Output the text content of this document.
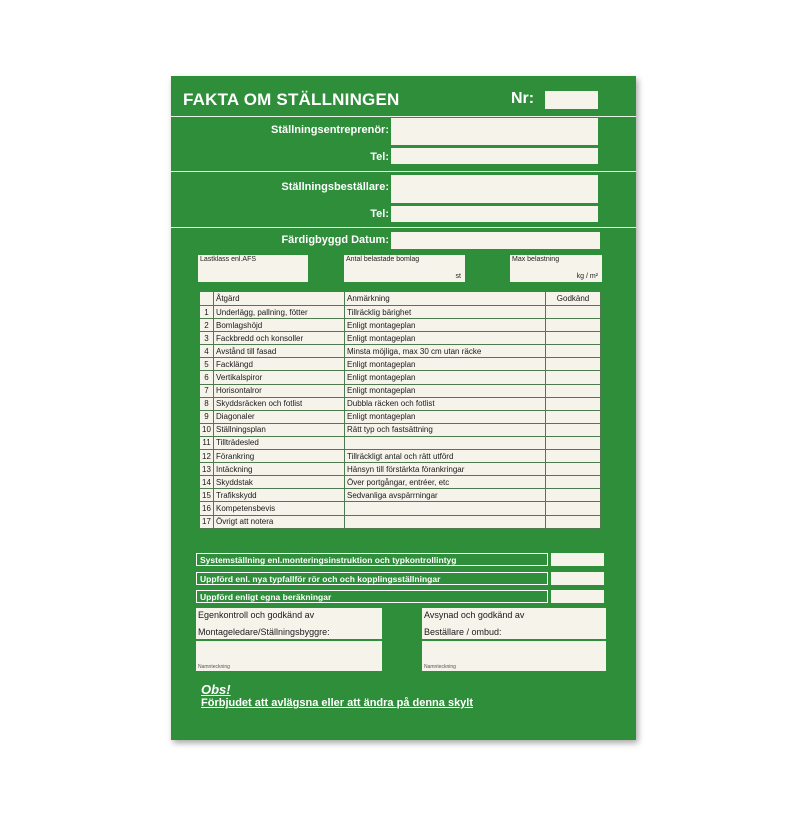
FAKTA OM STÄLLNINGEN	Nr:
Ställningsentreprenör:
Tel:
Ställningsbeställare:
Tel:
Färdigbyggd Datum:
Lastklass enl.AFS	Antal belastade bomlag
st
Max belastning
kg / m²
	Åtgärd	Anmärkning	Godkänd
1	Underlägg, pallning, fötter	Tillräcklig bärighet	
2	Bomlagshöjd	Enligt montageplan	
3	Fackbredd och konsoller	Enligt montageplan	
4	Avstånd till fasad	Minsta möjliga, max 30 cm utan räcke	
5	Facklängd	Enligt montageplan	
6	Vertikalspiror	Enligt montageplan	
7	Horisontalror	Enligt montageplan	
8	Skyddsräcken och fotlist	Dubbla räcken och fotlist	
9	Diagonaler	Enligt montageplan	
10	Ställningsplan	Rätt typ och fastsättning	
11	Tillträdesled		
12	Förankring	Tillräckligt antal och rätt utförd	
13	Intäckning	Hänsyn till förstärkta förankringar	
14	Skyddstak	Över portgångar, entréer, etc	
15	Trafikskydd	Sedvanliga avspärrningar	
16	Kompetensbevis		
17	Övrigt att notera		
Systemställning enl.monteringsinstruktion och typkontrollintyg
Uppförd enl. nya typfallför rör och och kopplingsställningar
Uppförd enligt egna beräkningar
Egenkontroll och godkänd av
Montageledare/Ställningsbyggre:
Namnteckning
Avsynad och godkänd av
Beställare / ombud:
Namnteckning
Obs!
Förbjudet att avlägsna eller att ändra på denna skylt
